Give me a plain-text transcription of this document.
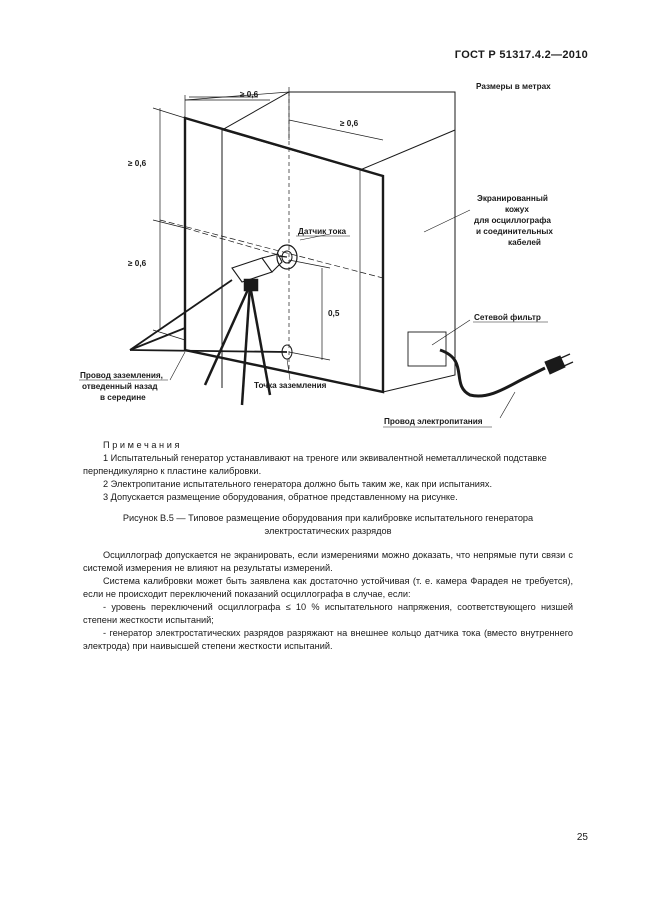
ГОСТ Р 51317.4.2—2010
Размеры в метрах
≥ 0,6
≥ 0,6
≥ 0,6
≥ 0,6
0,5
Датчик тока
Экранированный
кожух
для осциллографа
и соединительных
кабелей
Сетевой фильтр
Провод заземления,
отведенный назад
в середине
Точка заземления
Провод электропитания
Примечания
1 Испытательный генератор устанавливают на треноге или эквивалентной неметаллической подставке перпендикулярно к пластине калибровки.
2 Электропитание испытательного генератора должно быть таким же, как при испытаниях.
3 Допускается размещение оборудования, обратное представленному на рисунке.
Рисунок В.5 — Типовое размещение оборудования при калибровке испытательного генератора
электростатических разрядов
Осциллограф допускается не экранировать, если измерениями можно доказать, что непрямые пути связи с системой измерения не влияют на результаты измерений.
Система калибровки может быть заявлена как достаточно устойчивая (т. е. камера Фарадея не требуется), если не происходит переключений показаний осциллографа в случае, если:
- уровень переключений осциллографа ≤ 10 % испытательного напряжения, соответствующего низшей степени жесткости испытаний;
- генератор электростатических разрядов разряжают на внешнее кольцо датчика тока (вместо внутреннего электрода) при наивысшей степени жесткости испытаний.
25
